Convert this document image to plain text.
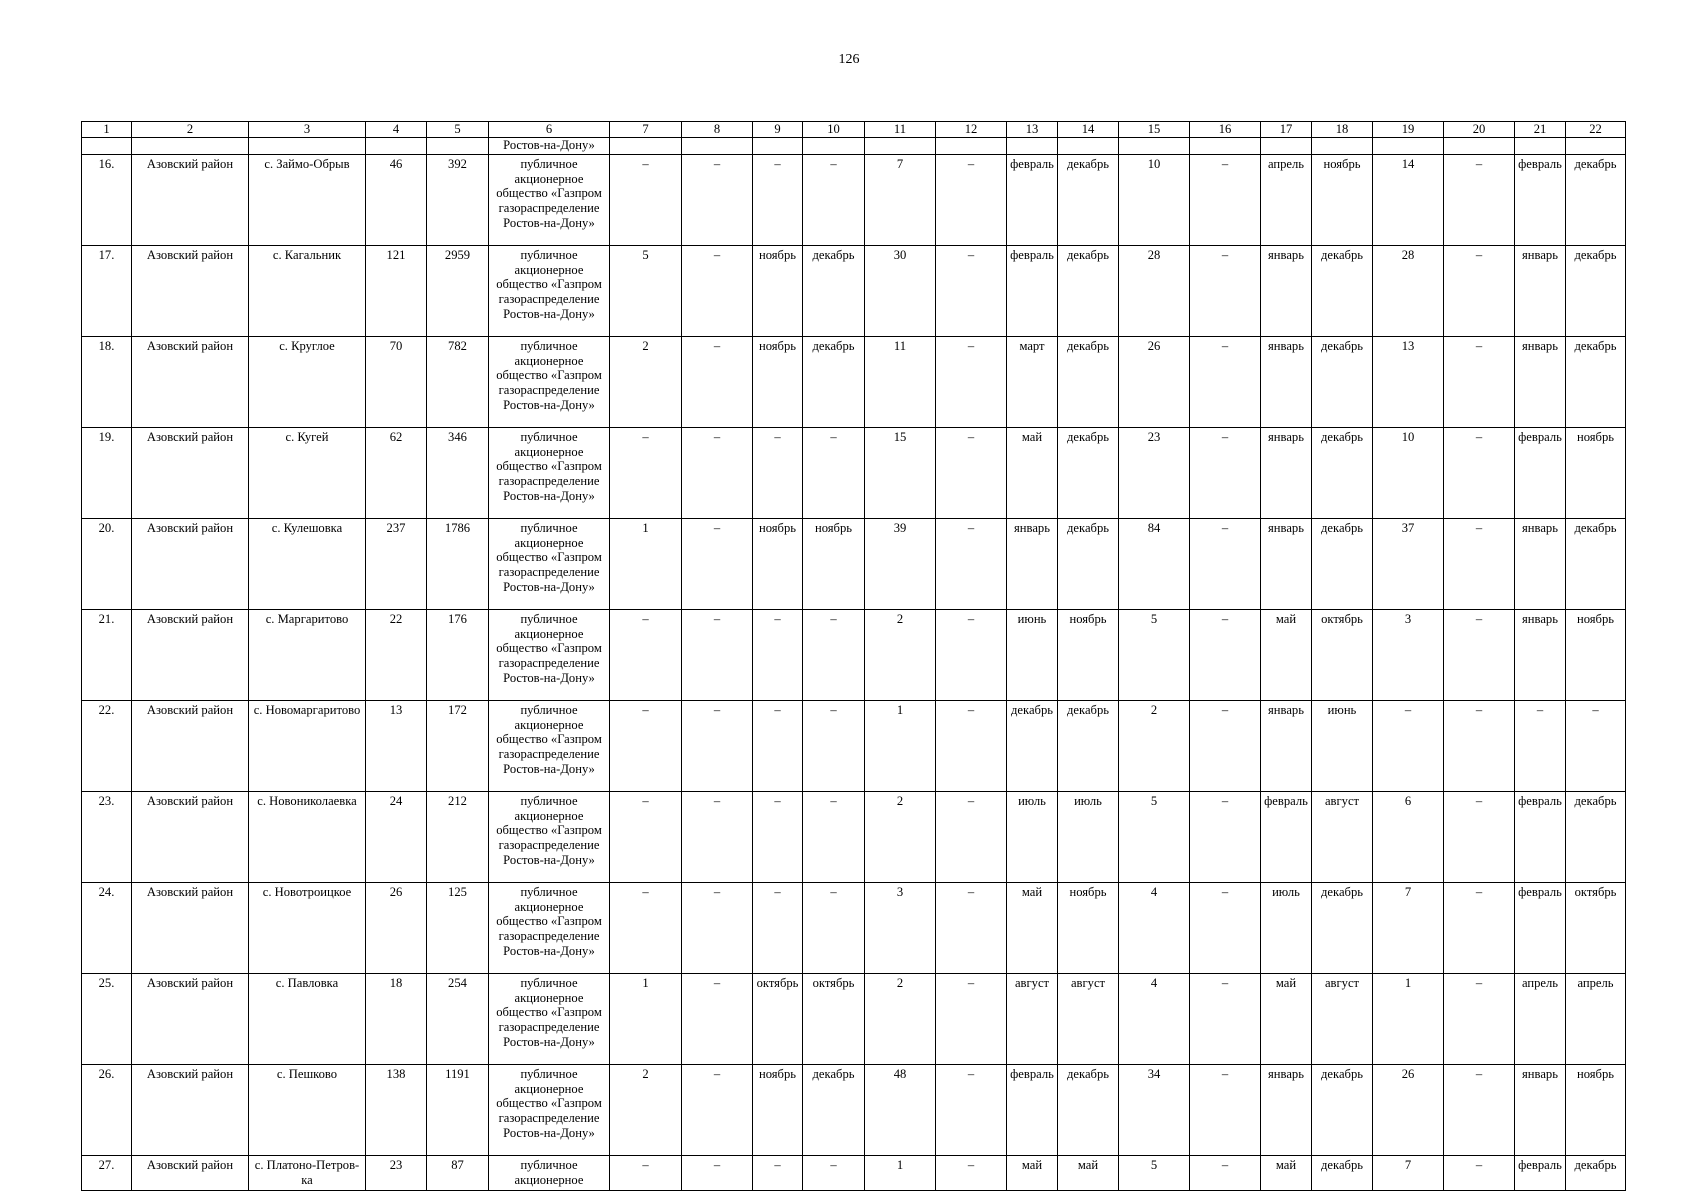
126
1	2	3	4	5	6	7	8	9	10	11	12	13	14	15	16	17	18	19	20	21	22
					Ростов-на-Дону»																
16.	Азовский район	с. Займо-Обрыв	46	392	публичное акционерное общество «Газпром газораспределение Ростов-на-Дону»	–	–	–	–	7	–	февраль	декабрь	10	–	апрель	ноябрь	14	–	февраль	декабрь
17.	Азовский район	с. Кагальник	121	2959	публичное акционерное общество «Газпром газораспределение Ростов-на-Дону»	5	–	ноябрь	декабрь	30	–	февраль	декабрь	28	–	январь	декабрь	28	–	январь	декабрь
18.	Азовский район	с. Круглое	70	782	публичное акционерное общество «Газпром газораспределение Ростов-на-Дону»	2	–	ноябрь	декабрь	11	–	март	декабрь	26	–	январь	декабрь	13	–	январь	декабрь
19.	Азовский район	с. Кугей	62	346	публичное акционерное общество «Газпром газораспределение Ростов-на-Дону»	–	–	–	–	15	–	май	декабрь	23	–	январь	декабрь	10	–	февраль	ноябрь
20.	Азовский район	с. Кулешовка	237	1786	публичное акционерное общество «Газпром газораспределение Ростов-на-Дону»	1	–	ноябрь	ноябрь	39	–	январь	декабрь	84	–	январь	декабрь	37	–	январь	декабрь
21.	Азовский район	с. Маргаритово	22	176	публичное акционерное общество «Газпром газораспределение Ростов-на-Дону»	–	–	–	–	2	–	июнь	ноябрь	5	–	май	октябрь	3	–	январь	ноябрь
22.	Азовский район	с. Новомаргаритово	13	172	публичное акционерное общество «Газпром газораспределение Ростов-на-Дону»	–	–	–	–	1	–	декабрь	декабрь	2	–	январь	июнь	–	–	–	–
23.	Азовский район	с. Новониколаевка	24	212	публичное акционерное общество «Газпром газораспределение Ростов-на-Дону»	–	–	–	–	2	–	июль	июль	5	–	февраль	август	6	–	февраль	декабрь
24.	Азовский район	с. Новотроицкое	26	125	публичное акционерное общество «Газпром газораспределение Ростов-на-Дону»	–	–	–	–	3	–	май	ноябрь	4	–	июль	декабрь	7	–	февраль	октябрь
25.	Азовский район	с. Павловка	18	254	публичное акционерное общество «Газпром газораспределение Ростов-на-Дону»	1	–	октябрь	октябрь	2	–	август	август	4	–	май	август	1	–	апрель	апрель
26.	Азовский район	с. Пешково	138	1191	публичное акционерное общество «Газпром газораспределение Ростов-на-Дону»	2	–	ноябрь	декабрь	48	–	февраль	декабрь	34	–	январь	декабрь	26	–	январь	ноябрь
27.	Азовский район	с. Платоно-Петров-ка	23	87	публичное акционерное	–	–	–	–	1	–	май	май	5	–	май	декабрь	7	–	февраль	декабрь
